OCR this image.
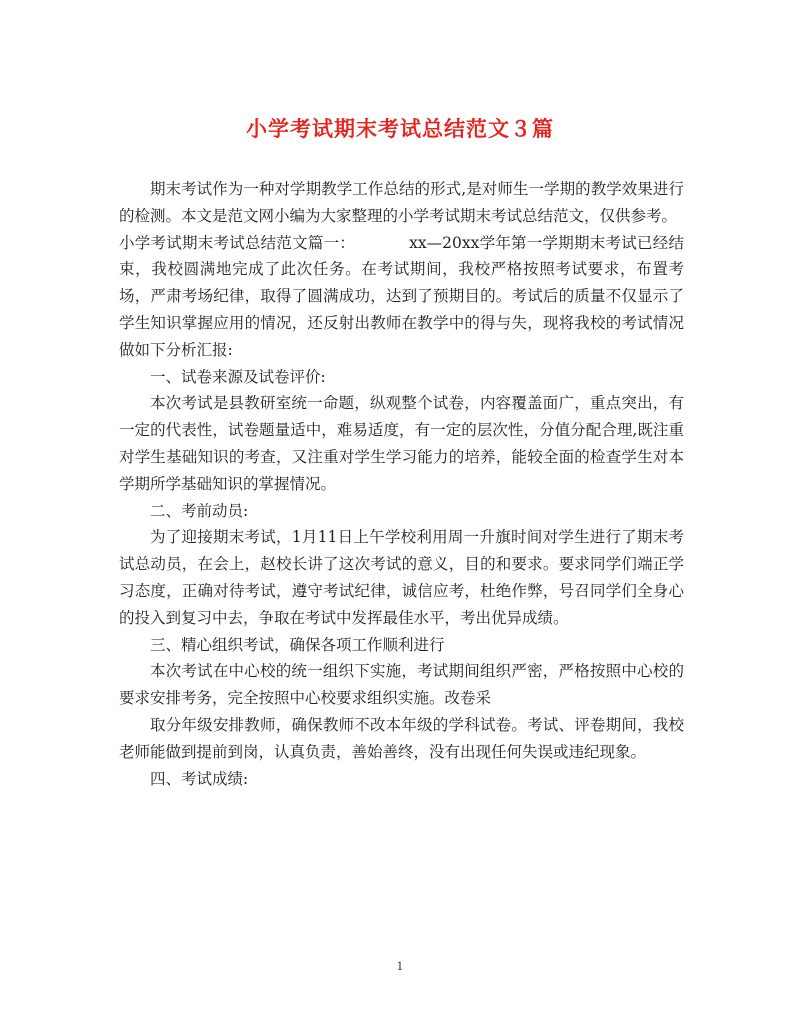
小学考试期末考试总结范文３篇

期末考试作为一种对学期教学工作总结的形式,是对师生一学期的教学效果进行的检测。本文是范文网小编为大家整理的小学考试期末考试总结范文，仅供参考。

小学考试期末考试总结范文篇一：	xx—20xx学年第一学期期末考试已经结束，我校圆满地完成了此次任务。在考试期间，我校严格按照考试要求，布置考场，严肃考场纪律，取得了圆满成功，达到了预期目的。考试后的质量不仅显示了学生知识掌握应用的情况，还反射出教师在教学中的得与失，现将我校的考试情况做如下分析汇报:

一、试卷来源及试卷评价:

本次考试是县教研室统一命题，纵观整个试卷，内容覆盖面广，重点突出，有一定的代表性，试卷题量适中，难易适度，有一定的层次性，分值分配合理,既注重对学生基础知识的考查，又注重对学生学习能力的培养，能较全面的检查学生对本学期所学基础知识的掌握情况。

二、考前动员:

为了迎接期末考试，1月11日上午学校利用周一升旗时间对学生进行了期末考试总动员，在会上，赵校长讲了这次考试的意义，目的和要求。要求同学们端正学习态度，正确对待考试，遵守考试纪律，诚信应考，杜绝作弊，号召同学们全身心的投入到复习中去，争取在考试中发挥最佳水平，考出优异成绩。

三、精心组织考试，确保各项工作顺利进行

本次考试在中心校的统一组织下实施，考试期间组织严密，严格按照中心校的要求安排考务，完全按照中心校要求组织实施。改卷采

取分年级安排教师，确保教师不改本年级的学科试卷。考试、评卷期间，我校老师能做到提前到岗，认真负责，善始善终，没有出现任何失误或违纪现象。

四、考试成绩:

1
